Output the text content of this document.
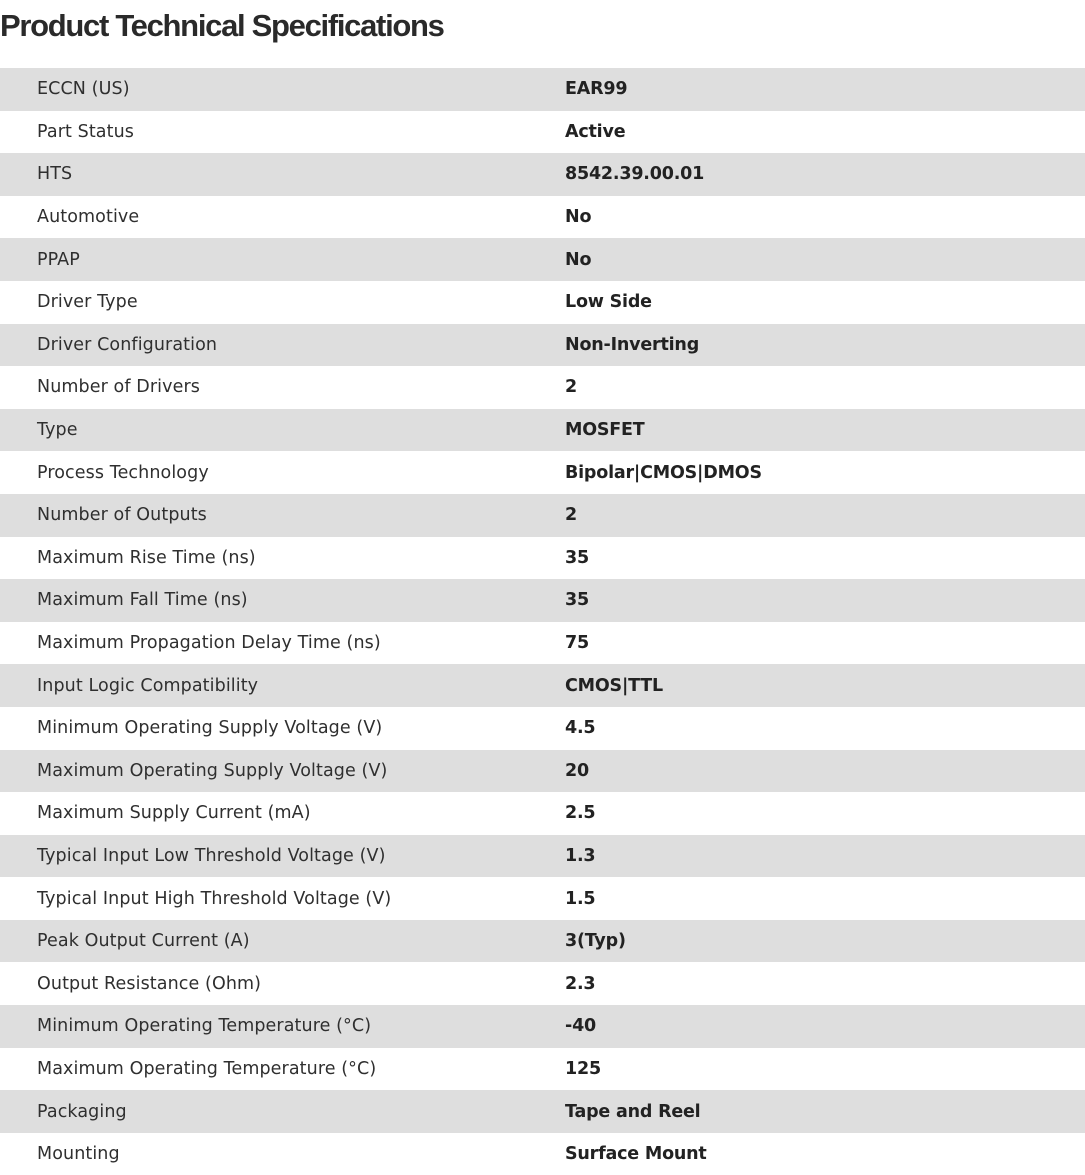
Product Technical Specifications
ECCN (US)	EAR99
Part Status	Active
HTS	8542.39.00.01
Automotive	No
PPAP	No
Driver Type	Low Side
Driver Configuration	Non-Inverting
Number of Drivers	2
Type	MOSFET
Process Technology	Bipolar|CMOS|DMOS
Number of Outputs	2
Maximum Rise Time (ns)	35
Maximum Fall Time (ns)	35
Maximum Propagation Delay Time (ns)	75
Input Logic Compatibility	CMOS|TTL
Minimum Operating Supply Voltage (V)	4.5
Maximum Operating Supply Voltage (V)	20
Maximum Supply Current (mA)	2.5
Typical Input Low Threshold Voltage (V)	1.3
Typical Input High Threshold Voltage (V)	1.5
Peak Output Current (A)	3(Typ)
Output Resistance (Ohm)	2.3
Minimum Operating Temperature (°C)	-40
Maximum Operating Temperature (°C)	125
Packaging	Tape and Reel
Mounting	Surface Mount
